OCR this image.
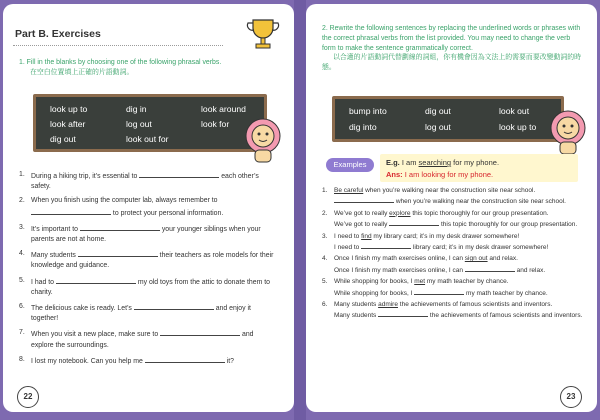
Part B. Exercises
1. Fill in the blanks by choosing one of the following phrasal verbs.
在空白位置填上正確的片語動詞。
look up to	dig in	look around
look after	log out	look for
dig out	look out for
1. During a hiking trip, it’s essential to	each other’s safety.
2. When you finish using the computer lab, always remember to  to protect your personal information.
3. It’s important to	your younger siblings when your parents are not at home.
4. Many students	their teachers as role models for their knowledge and guidance.
5. I had to	my old toys from the attic to donate them to charity.
6. The delicious cake is ready. Let’s	and enjoy it together!
7. When you visit a new place, make sure to	and explore the surroundings.
8. I lost my notebook. Can you help me	it?
22
2. Rewrite the following sentences by replacing the underlined words or phrases with the correct phrasal verbs from the list provided. You may need to change the verb form to make the sentence grammatically correct.
以合適的片語動詞代替劃線的詞組，你有機會因為文法上的需要而要改變動詞的時態。
bump into	dig out	look out
dig into	log out	look up to
Examples	E.g. I am searching for my phone.
Ans: I am looking for my phone.
1.	Be careful when you’re walking near the construction site near school.
when you’re walking near the construction site near school.
2.	We’ve got to really explore this topic thoroughly for our group presentation.
We’ve got to really	this topic thoroughly for our group presentation.
3.	I need to find my library card; it’s in my desk drawer somewhere!
I need to	library card; it’s in my desk drawer somewhere!
4.	Once I finish my math exercises online, I can sign out and relax.
Once I finish my math exercises online, I can	and relax.
5.	While shopping for books, I met my math teacher by chance.
While shopping for books, I	my math teacher by chance.
6.	Many students admire the achievements of famous scientists and inventors.
Many students	the achievements of famous scientists and inventors.
23
